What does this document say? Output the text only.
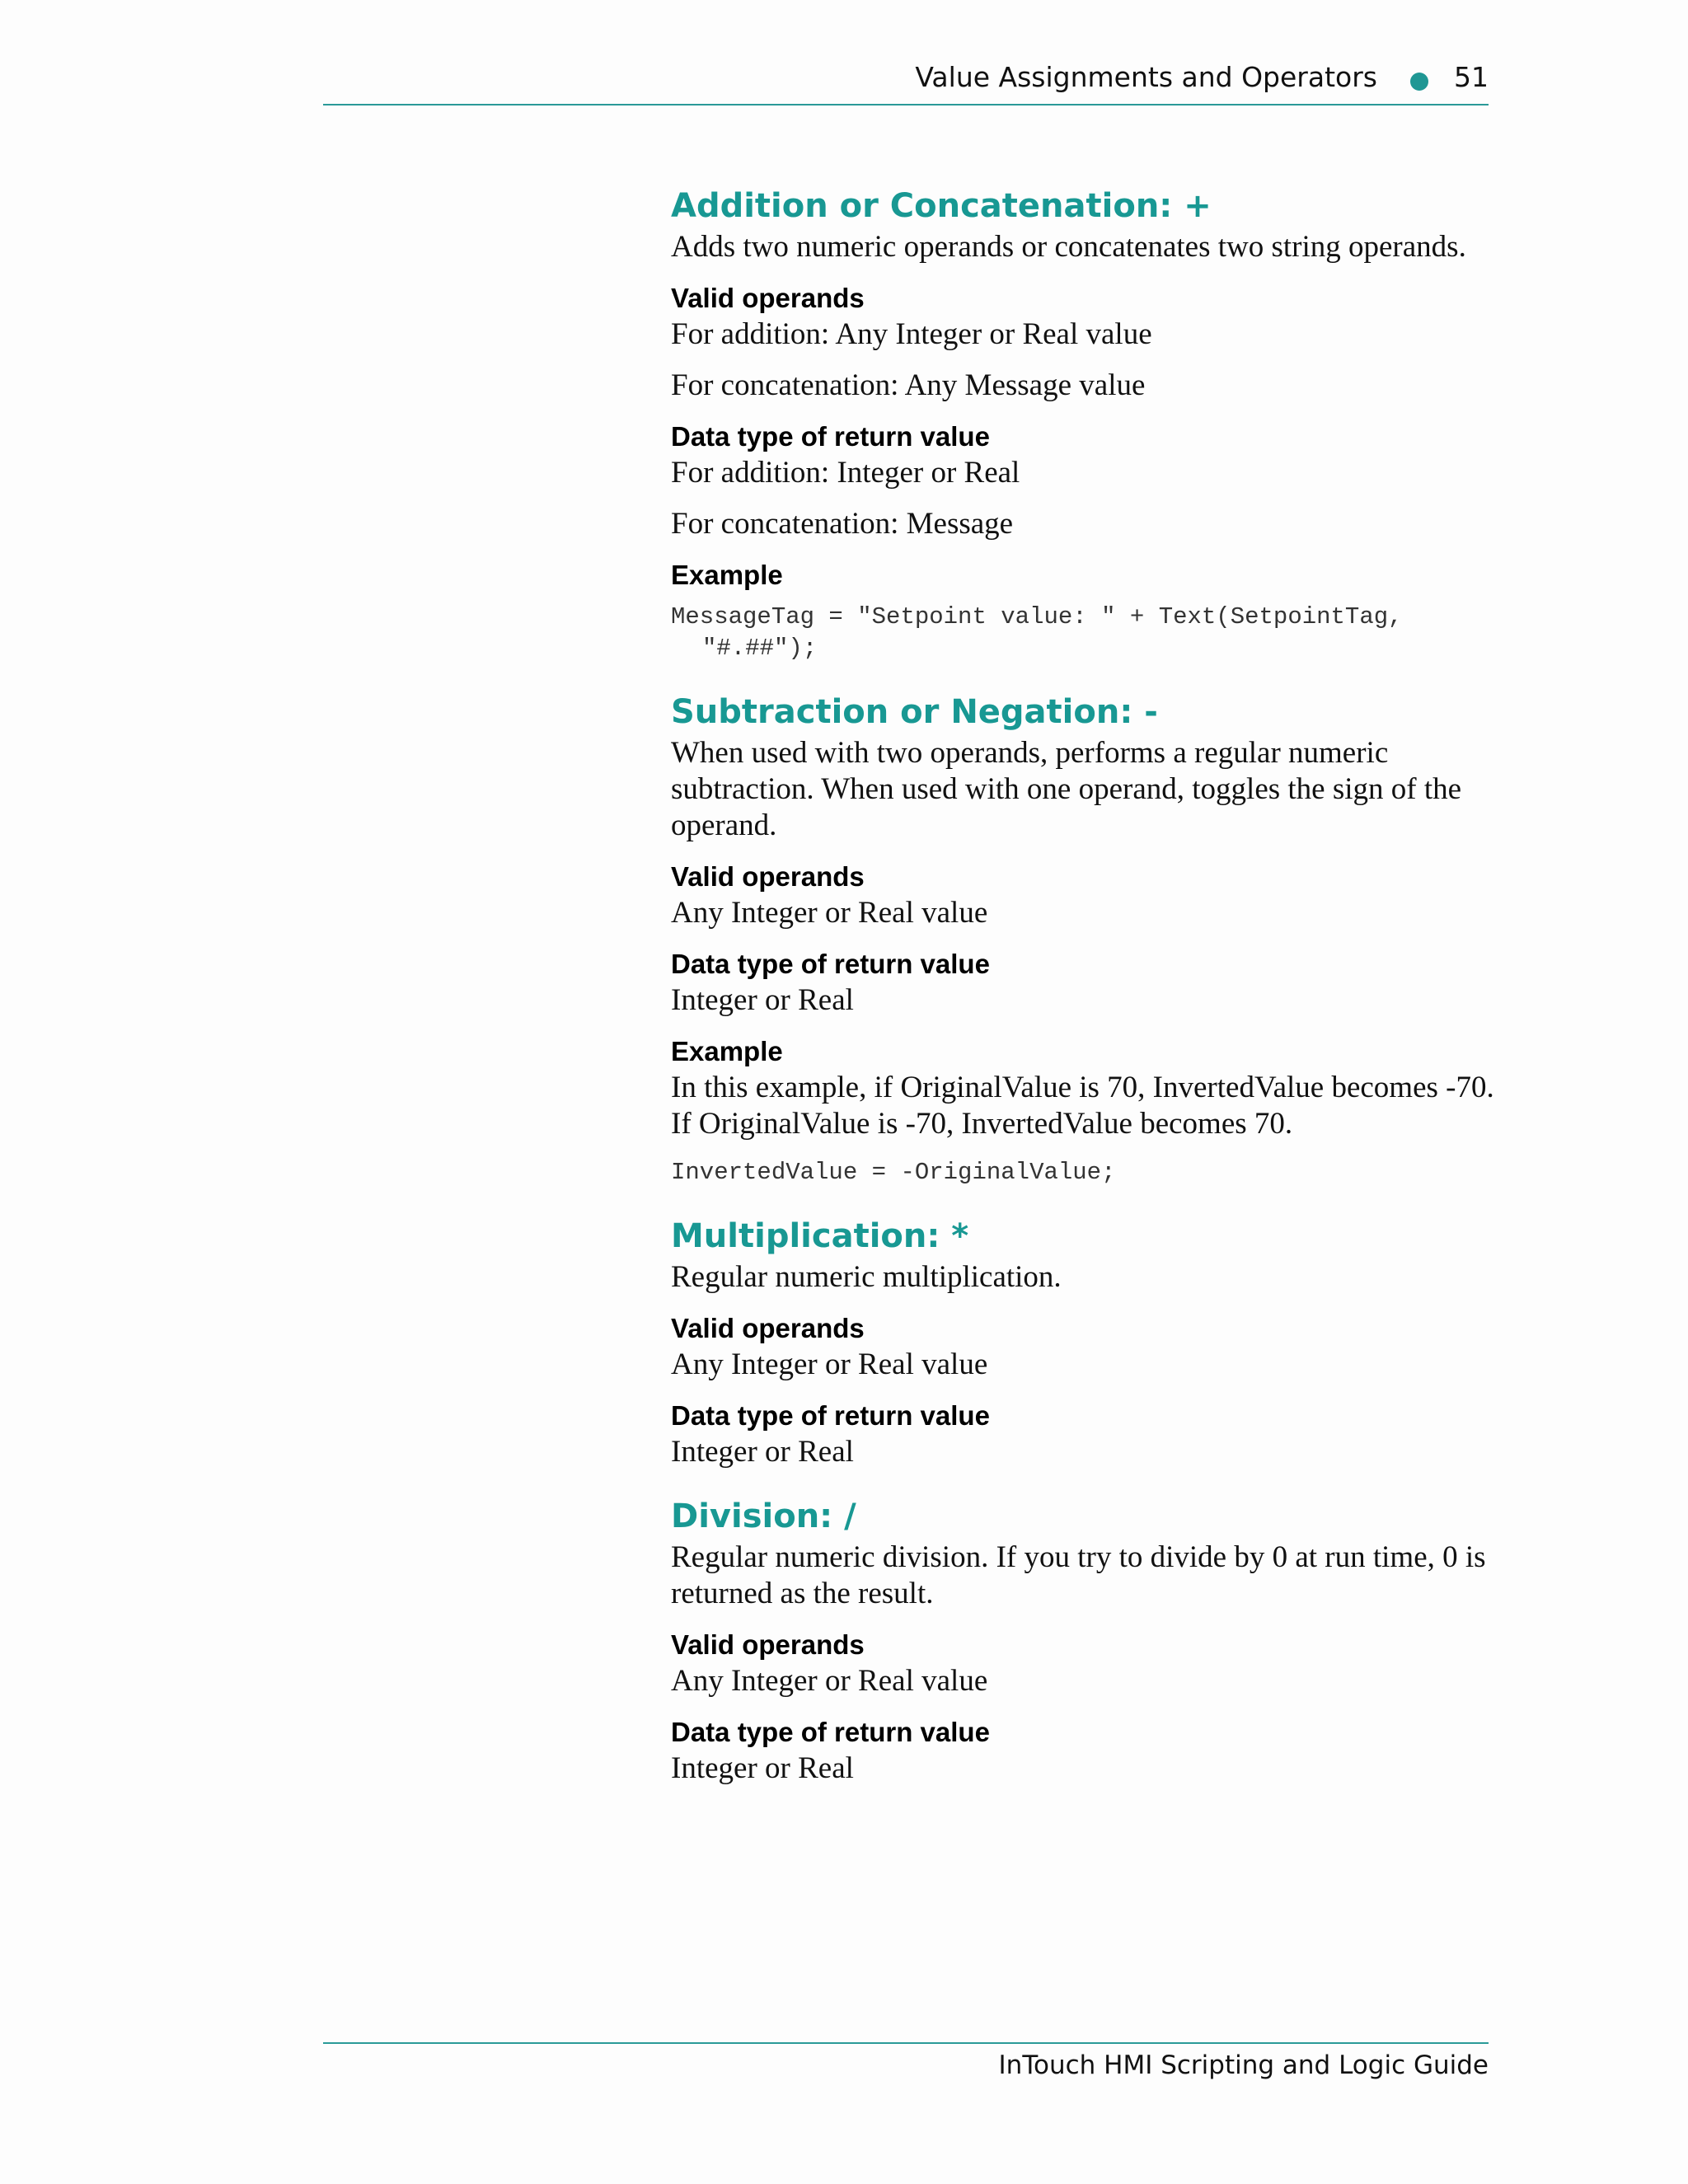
Value Assignments and Operators	51
Addition or Concatenation: +

Adds two numeric operands or concatenates two string operands.

Valid operands

For addition: Any Integer or Real value

For concatenation: Any Message value

Data type of return value

For addition: Integer or Real

For concatenation: Message

Example

MessageTag = "Setpoint value: " + Text(SetpointTag,
"#.##");
Subtraction or Negation: -

When used with two operands, performs a regular numeric subtraction. When used with one operand, toggles the sign of the operand.

Valid operands

Any Integer or Real value

Data type of return value

Integer or Real

Example

In this example, if OriginalValue is 70, InvertedValue becomes -70. If OriginalValue is -70, InvertedValue becomes 70.

InvertedValue = -OriginalValue;
Multiplication: *

Regular numeric multiplication.

Valid operands

Any Integer or Real value

Data type of return value

Integer or Real

Division: /

Regular numeric division. If you try to divide by 0 at run time, 0 is returned as the result.

Valid operands

Any Integer or Real value

Data type of return value

Integer or Real

InTouch HMI Scripting and Logic Guide
